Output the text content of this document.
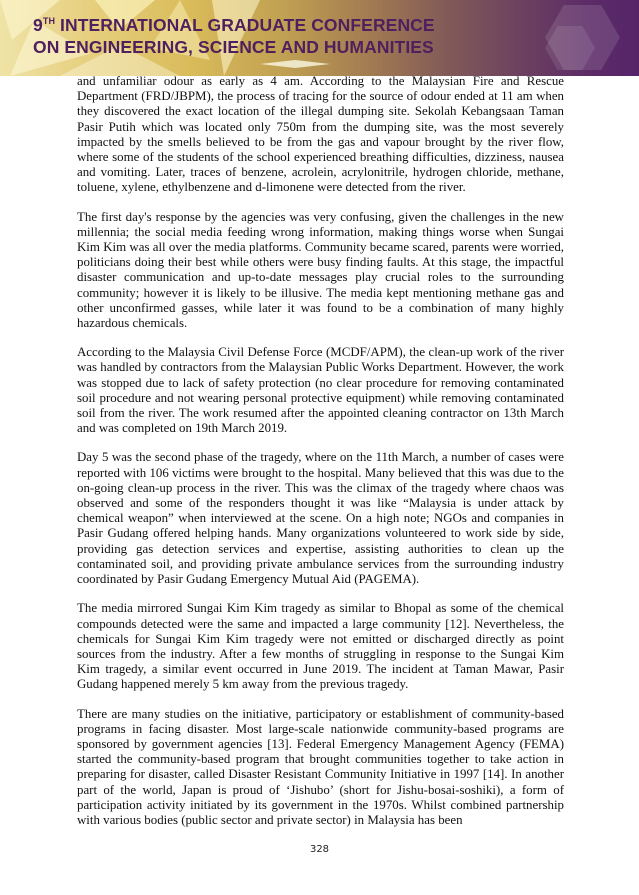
9TH INTERNATIONAL GRADUATE CONFERENCE
ON ENGINEERING, SCIENCE AND HUMANITIES

and unfamiliar odour as early as 4 am. According to the Malaysian Fire and Rescue Department (FRD/JBPM), the process of tracing for the source of odour ended at 11 am when they discovered the exact location of the illegal dumping site. Sekolah Kebangsaan Taman Pasir Putih which was located only 750m from the dumping site, was the most severely impacted by the smells believed to be from the gas and vapour brought by the river flow, where some of the students of the school experienced breathing difficulties, dizziness, nausea and vomiting. Later, traces of benzene, acrolein, acrylonitrile, hydrogen chloride, methane, toluene, xylene, ethylbenzene and d-limonene were detected from the river.

The first day's response by the agencies was very confusing, given the challenges in the new millennia; the social media feeding wrong information, making things worse when Sungai Kim Kim was all over the media platforms. Community became scared, parents were worried, politicians doing their best while others were busy finding faults. At this stage, the impactful disaster communication and up-to-date messages play crucial roles to the surrounding community; however it is likely to be illusive. The media kept mentioning methane gas and other unconfirmed gasses, while later it was found to be a combination of many highly hazardous chemicals.

According to the Malaysia Civil Defense Force (MCDF/APM), the clean-up work of the river was handled by contractors from the Malaysian Public Works Department. However, the work was stopped due to lack of safety protection (no clear procedure for removing contaminated soil procedure and not wearing personal protective equipment) while removing contaminated soil from the river. The work resumed after the appointed cleaning contractor on 13th March and was completed on 19th March 2019.

Day 5 was the second phase of the tragedy, where on the 11th March, a number of cases were reported with 106 victims were brought to the hospital. Many believed that this was due to the on-going clean-up process in the river. This was the climax of the tragedy where chaos was observed and some of the responders thought it was like “Malaysia is under attack by chemical weapon” when interviewed at the scene. On a high note; NGOs and companies in Pasir Gudang offered helping hands. Many organizations volunteered to work side by side, providing gas detection services and expertise, assisting authorities to clean up the contaminated soil, and providing private ambulance services from the surrounding industry coordinated by Pasir Gudang Emergency Mutual Aid (PAGEMA).

The media mirrored Sungai Kim Kim tragedy as similar to Bhopal as some of the chemical compounds detected were the same and impacted a large community [12]. Nevertheless, the chemicals for Sungai Kim Kim tragedy were not emitted or discharged directly as point sources from the industry. After a few months of struggling in response to the Sungai Kim Kim tragedy, a similar event occurred in June 2019. The incident at Taman Mawar, Pasir Gudang happened merely 5 km away from the previous tragedy.

There are many studies on the initiative, participatory or establishment of community-based programs in facing disaster. Most large-scale nationwide community-based programs are sponsored by government agencies [13]. Federal Emergency Management Agency (FEMA) started the community-based program that brought communities together to take action in preparing for disaster, called Disaster Resistant Community Initiative in 1997 [14]. In another part of the world, Japan is proud of ‘Jishubo’ (short for Jishu-bosai-soshiki), a form of participation activity initiated by its government in the 1970s. Whilst combined partnership with various bodies (public sector and private sector) in Malaysia has been

328
